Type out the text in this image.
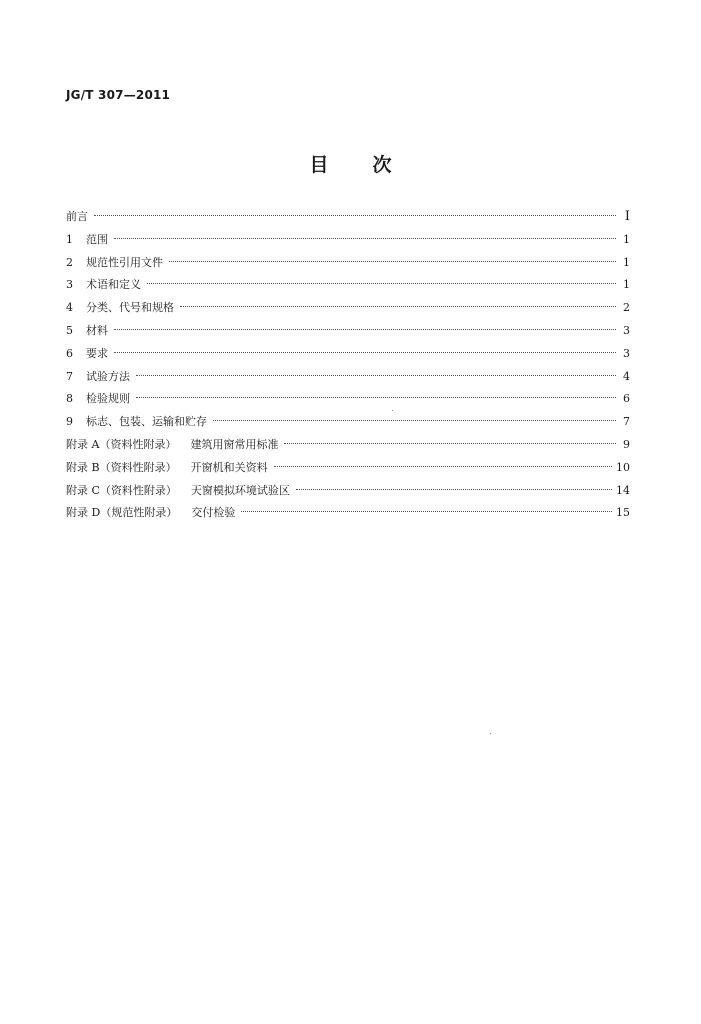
JG/T 307—2011
目 次
前言	Ⅰ
1 范围	1
2 规范性引用文件	1
3 术语和定义	1
4 分类、代号和规格	2
5 材料	3
6 要求	3
7 试验方法	4
8 检验规则	6
9 标志、包装、运输和贮存	7
附录 A（资料性附录） 建筑用窗常用标准	9
附录 B（资料性附录） 开窗机和关资料	10
附录 C（资料性附录） 天窗模拟环境试验区	14
附录 D（规范性附录） 交付检验	15
